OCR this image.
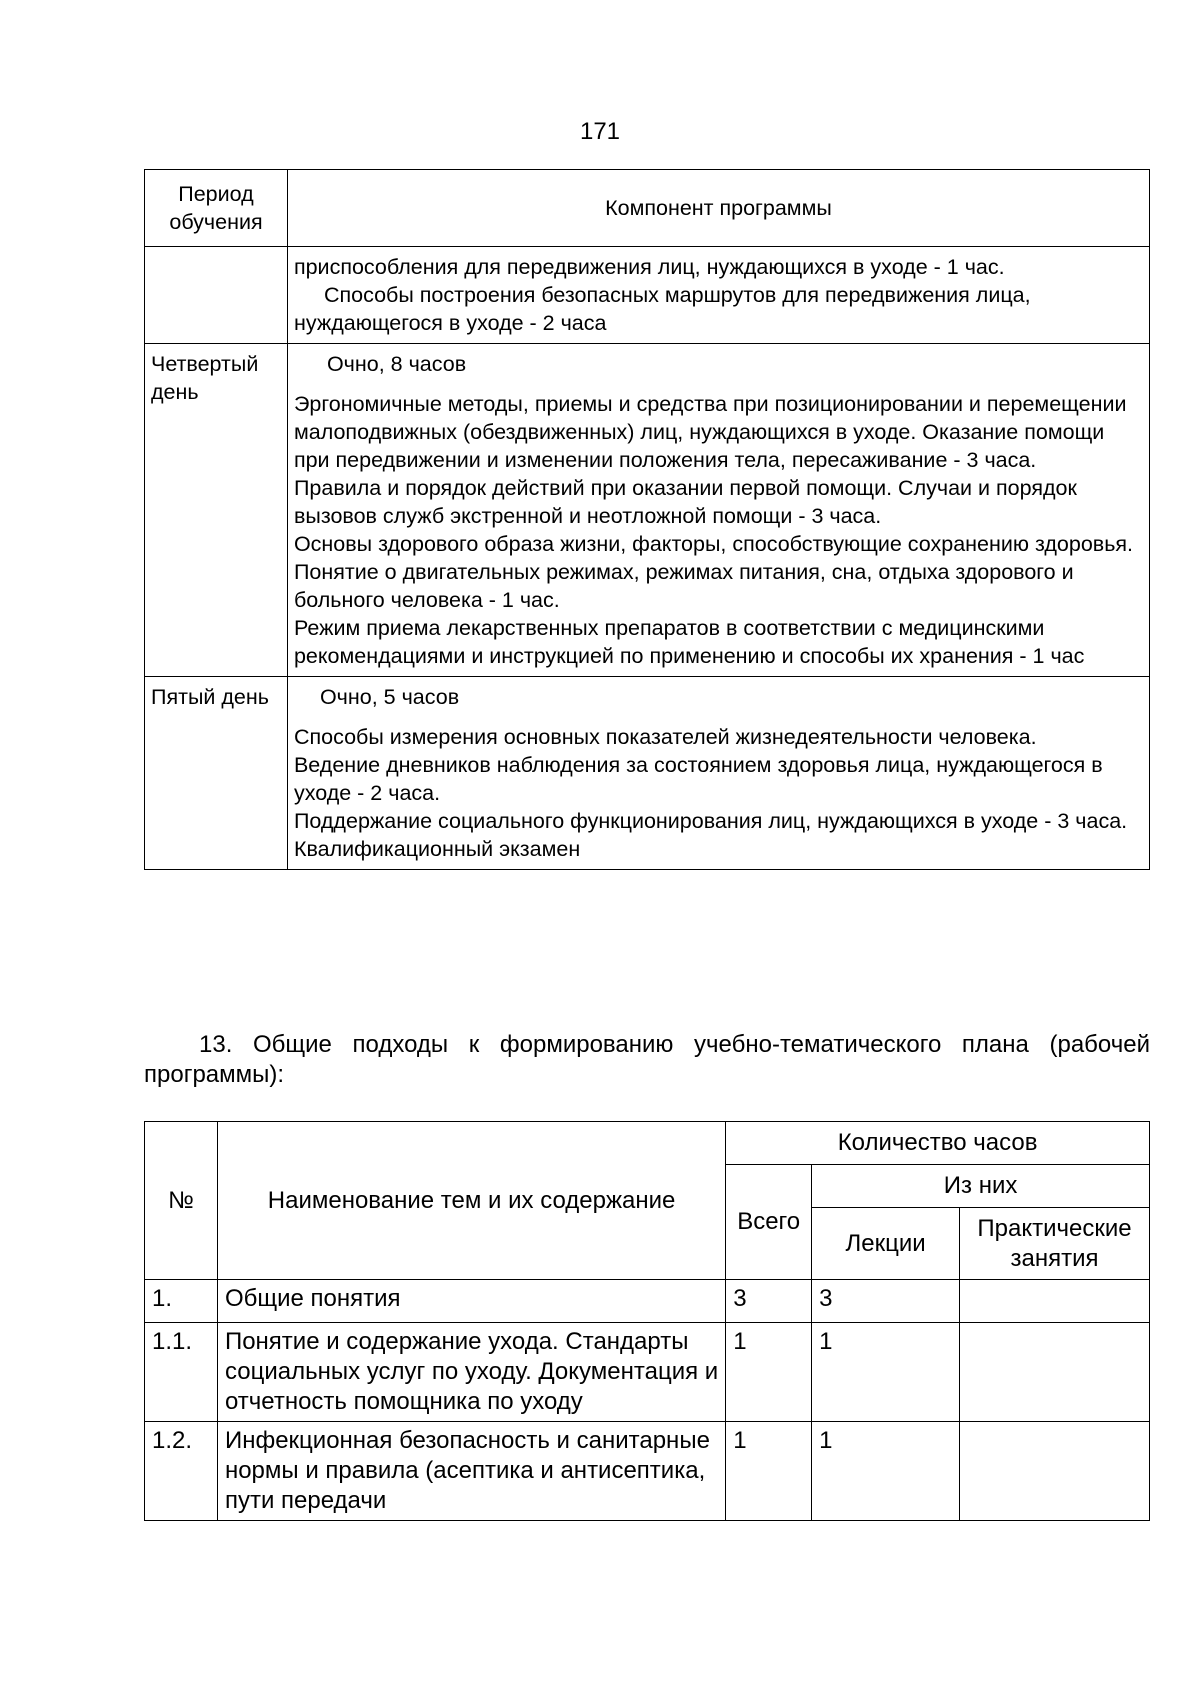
171
Период обучения	Компонент программы

	приспособления для передвижения лиц, нуждающихся в уходе - 1 час.

Способы построения безопасных маршрутов для передвижения лица, нуждающегося в уходе - 2 часа

Четвертый день	Очно, 8 часов

Эргономичные методы, приемы и средства при позиционировании и перемещении малоподвижных (обездвиженных) лиц, нуждающихся в уходе. Оказание помощи при передвижении и изменении положения тела, пересаживание - 3 часа.

Правила и порядок действий при оказании первой помощи. Случаи и порядок вызовов служб экстренной и неотложной помощи - 3 часа.

Основы здорового образа жизни, факторы, способствующие сохранению здоровья. Понятие о двигательных режимах, режимах питания, сна, отдыха здорового и больного человека - 1 час.

Режим приема лекарственных препаратов в соответствии с медицинскими рекомендациями и инструкцией по применению и способы их хранения - 1 час

Пятый день	Очно, 5 часов

Способы измерения основных показателей жизнедеятельности человека.

Ведение дневников наблюдения за состоянием здоровья лица, нуждающегося в уходе - 2 часа.

Поддержание социального функционирования лиц, нуждающихся в уходе - 3 часа.

Квалификационный экзамен

13. Общие подходы к формированию учебно-тематического плана (рабочей программы):
№	Наименование тем и их содержание	Количество часов		
		Всего	Из них	
			Лекции	Практические занятия
1.	Общие понятия	3	3	
1.1.	Понятие и содержание ухода. Стандарты социальных услуг по уходу. Документация и отчетность помощника по уходу	1	1	
1.2.	Инфекционная безопасность и санитарные нормы и правила (асептика и антисептика, пути передачи	1	1	
